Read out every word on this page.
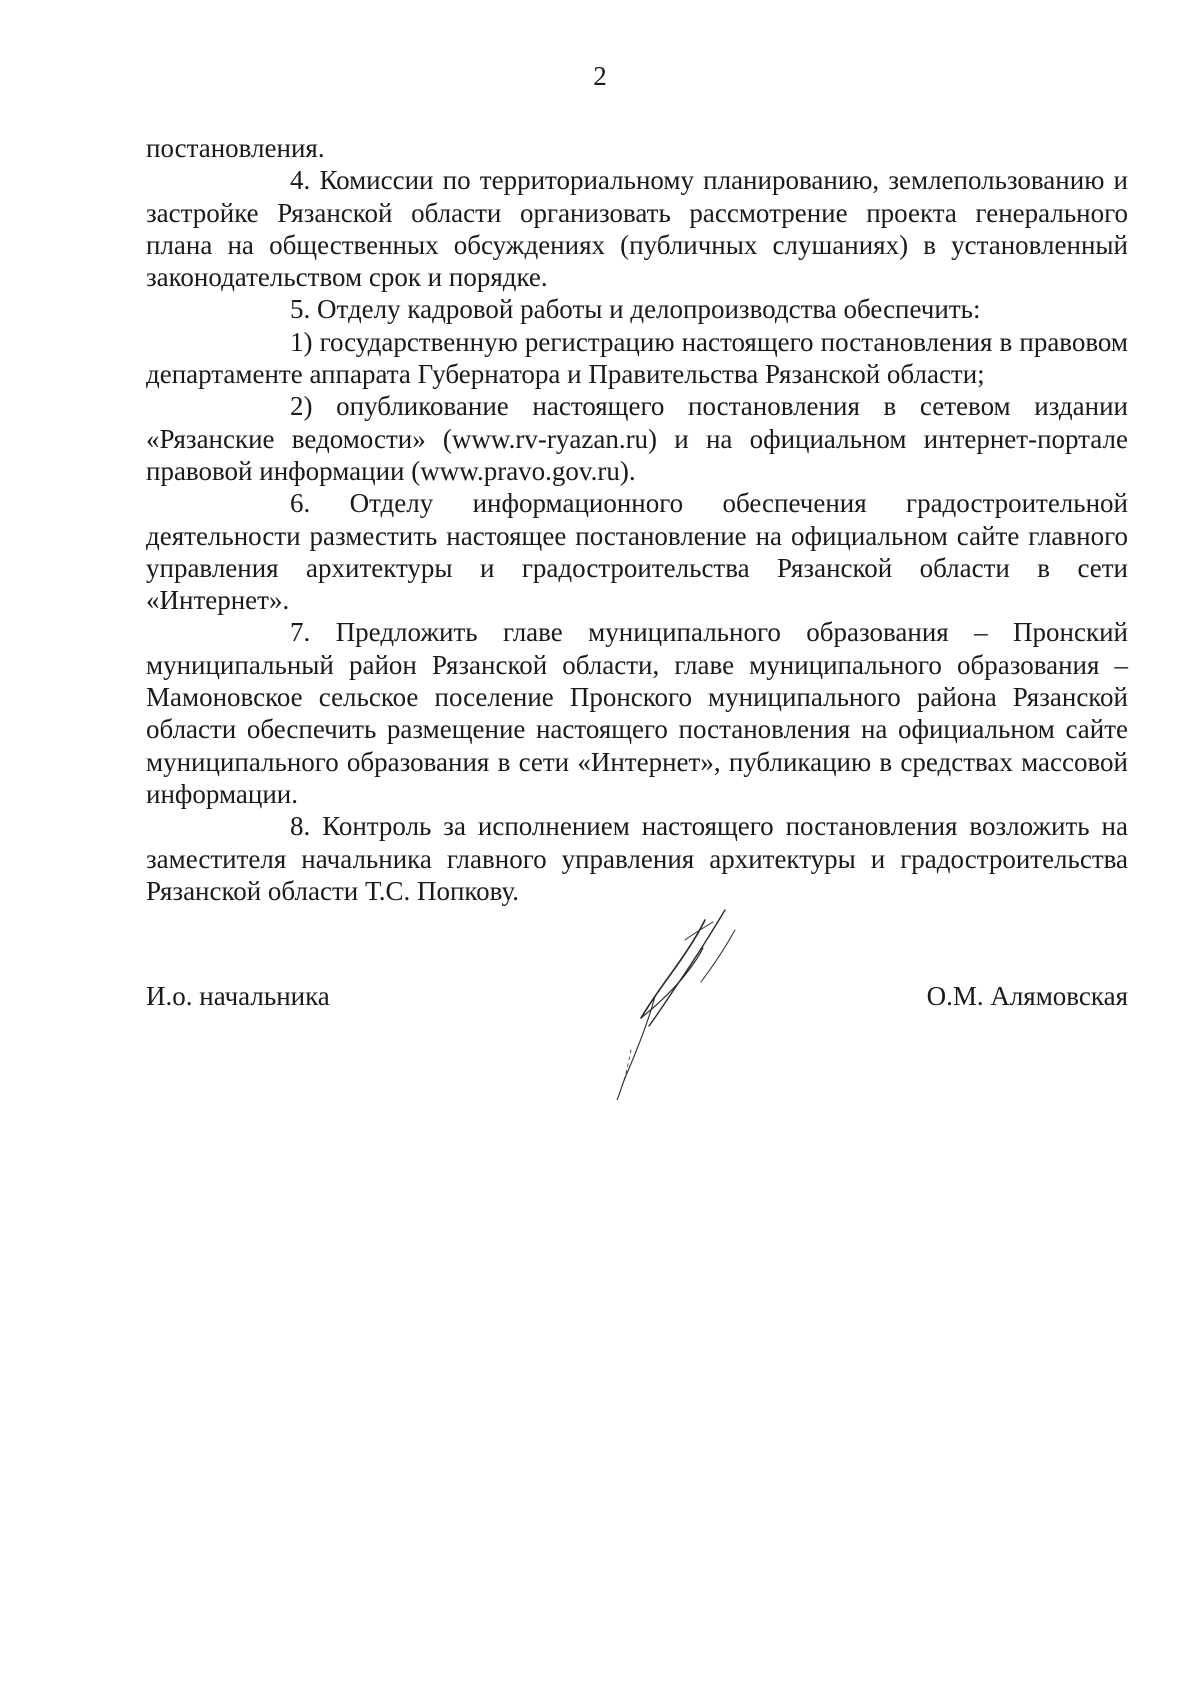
2

постановления.

4. Комиссии по территориальному планированию, землепользованию и застройке Рязанской области организовать рассмотрение проекта генерального плана на общественных обсуждениях (публичных слушаниях) в установленный законодательством срок и порядке.

5. Отделу кадровой работы и делопроизводства обеспечить:

1) государственную регистрацию настоящего постановления в правовом департаменте аппарата Губернатора и Правительства Рязанской области;

2) опубликование настоящего постановления в сетевом издании «Рязанские ведомости» (www.rv-ryazan.ru) и на официальном интернет-портале правовой информации (www.pravo.gov.ru).

6. Отделу информационного обеспечения градостроительной деятельности разместить настоящее постановление на официальном сайте главного управления архитектуры и градостроительства Рязанской области в сети «Интернет».

7. Предложить главе муниципального образования – Пронский муниципальный район Рязанской области, главе муниципального образования – Мамоновское сельское поселение Пронского муниципального района Рязанской области обеспечить размещение настоящего постановления на официальном сайте муниципального образования в сети «Интернет», публикацию в средствах массовой информации.

8. Контроль за исполнением настоящего постановления возложить на заместителя начальника главного управления архитектуры и градостроительства Рязанской области Т.С. Попкову.

И.о. начальника	О.М. Алямовская
